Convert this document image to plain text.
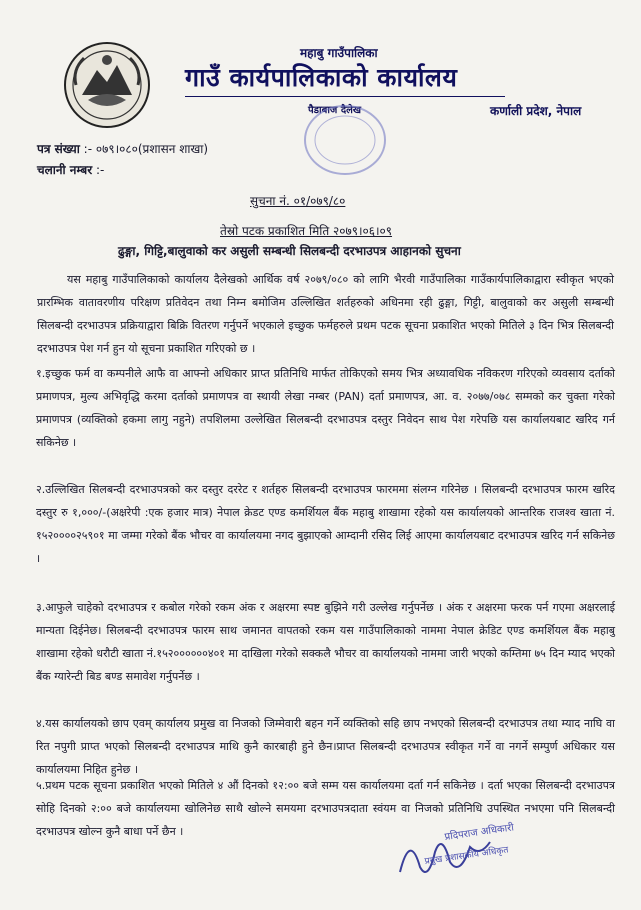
महाबु गाउँपालिका
गाउँ कार्यपालिकाको कार्यालय
पैडाबाज दैलेख	कर्णाली प्रदेश, नेपाल
पत्र संख्या :- ०७९।०८०(प्रशासन शाखा)
चलानी नम्बर :-
सुचना नं. ०१/०७९/८०
तेस्रो पटक प्रकाशित मिति २०७९।०६।०९
ढुङ्गा, गिट्टि,बालुवाको कर असुली सम्बन्धी सिलबन्दी दरभाउपत्र आहानको सुचना
यस महाबु गाउँपालिकाको कार्यालय दैलेखको आर्थिक वर्ष २०७९/०८० को लागि भैरवी गाउँपालिका गाउँकार्यपालिकाद्वारा स्वीकृत भएको प्रारम्भिक वातावरणीय परिक्षण प्रतिवेदन तथा निम्न बमोजिम उल्लिखित शर्तहरुको अधिनमा रही ढुङ्गा, गिट्टी, बालुवाको कर असुली सम्बन्धी सिलबन्दी दरभाउपत्र प्रक्रियाद्वारा बिक्रि वितरण गर्नुपर्ने भएकाले इच्छुक फर्महरुले प्रथम पटक सूचना प्रकाशित भएको मितिले ३ दिन भित्र सिलबन्दी दरभाउपत्र पेश गर्न हुन यो सूचना प्रकाशित गरिएको छ ।
१.इच्छुक फर्म वा कम्पनीले आफै वा आफ्नो अधिकार प्राप्त प्रतिनिधि मार्फत तोकिएको समय भित्र अध्यावधिक नविकरण गरिएको व्यवसाय दर्ताको प्रमाणपत्र, मुल्य अभिवृद्धि करमा दर्ताको प्रमाणपत्र वा स्थायी लेखा नम्बर (PAN) दर्ता प्रमाणपत्र, आ. व. २०७७/०७८ सम्मको कर चुक्ता गरेको प्रमाणपत्र (व्यक्तिको हकमा लागु नहुने) तपशिलमा उल्लेखित सिलबन्दी दरभाउपत्र दस्तुर निवेदन साथ पेश गरेपछि यस कार्यालयबाट खरिद गर्न सकिनेछ ।
२.उल्लिखित सिलबन्दी दरभाउपत्रको कर दस्तुर दररेट र शर्तहरु सिलबन्दी दरभाउपत्र फारममा संलग्न गरिनेछ । सिलबन्दी दरभाउपत्र फारम खरिद दस्तुर रु १,०००/-(अक्षरेपी :एक हजार मात्र) नेपाल क्रेडट एण्ड कमर्शियल बैंक महाबु शाखामा रहेको यस कार्यालयको आन्तरिक राजश्व खाता नं. १५२००००२५९०१ मा जम्मा गरेको बैंक भौचर वा कार्यालयमा नगद बुझाएको आम्दानी रसिद लिई आएमा कार्यालयबाट दरभाउपत्र खरिद गर्न सकिनेछ ।
३.आफुले चाहेको दरभाउपत्र र कबोल गरेको रकम अंक र अक्षरमा स्पष्ट बुझिने गरी उल्लेख गर्नुपर्नेछ । अंक र अक्षरमा फरक पर्न गएमा अक्षरलाई मान्यता दिईनेछ। सिलबन्दी दरभाउपत्र फारम साथ जमानत वापतको रकम यस गाउँपालिकाको नाममा नेपाल क्रेडिट एण्ड कमर्शियल बैंक महाबु शाखामा रहेको धरौटी खाता नं.१५२००००००४०१ मा दाखिला गरेको सक्कलै भौचर वा कार्यालयको नाममा जारी भएको कम्तिमा ७५ दिन म्याद भएको बैंक ग्यारेन्टी बिड बण्ड समावेश गर्नुपर्नेछ ।
४.यस कार्यालयको छाप एवम् कार्यालय प्रमुख वा निजको जिम्मेवारी बहन गर्ने व्यक्तिको सहि छाप नभएको सिलबन्दी दरभाउपत्र तथा म्याद नाघि वा रित नपुगी प्राप्त भएको सिलबन्दी दरभाउपत्र माथि कुनै कारबाही हुने छैन।प्राप्त सिलबन्दी दरभाउपत्र स्वीकृत गर्ने वा नगर्ने सम्पुर्ण अधिकार यस कार्यालयमा निहित हुनेछ ।
५.प्रथम पटक सूचना प्रकाशित भएको मितिले ४ औं दिनको १२:०० बजे सम्म यस कार्यालयमा दर्ता गर्न सकिनेछ । दर्ता भएका सिलबन्दी दरभाउपत्र सोहि दिनको २:०० बजे कार्यालयमा खोलिनेछ साथै खोल्ने समयमा दरभाउपत्रदाता स्वंयम वा निजको प्रतिनिधि उपस्थित नभएमा पनि सिलबन्दी दरभाउपत्र खोल्न कुनै बाधा पर्ने छैन ।	प्रदिपराज अधिकारी
प्रमुख प्रशासकीय अधिकृत
